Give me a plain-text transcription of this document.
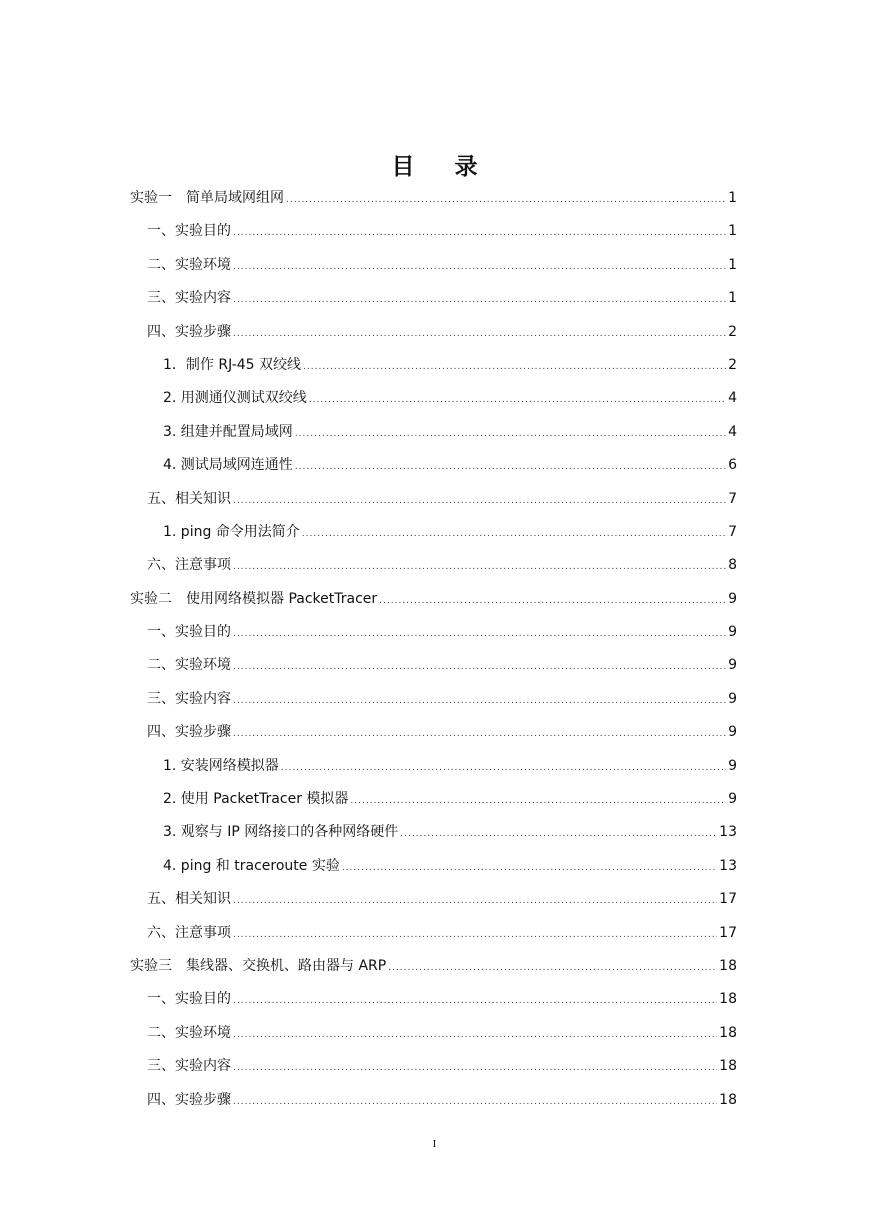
目 录
实验一　简单局域网组网 .....	1
一、实验目的 .....	1
二、实验环境 .....	1
三、实验内容 .....	1
四、实验步骤 .....	2
1．制作 RJ-45 双绞线 .....	2
2. 用测通仪测试双绞线 .....	4
3. 组建并配置局域网 .....	4
4. 测试局域网连通性 .....	6
五、相关知识 .....	7
1. ping 命令用法简介 .....	7
六、注意事项 .....	8
实验二　使用网络模拟器 PacketTracer .....	9
一、实验目的 .....	9
二、实验环境 .....	9
三、实验内容 .....	9
四、实验步骤 .....	9
1. 安装网络模拟器 .....	9
2. 使用 PacketTracer 模拟器 .....	9
3. 观察与 IP 网络接口的各种网络硬件 .....	13
4. ping 和 traceroute 实验 .....	13
五、相关知识 .....	17
六、注意事项 .....	17
实验三　集线器、交换机、路由器与 ARP .....	18
一、实验目的 .....	18
二、实验环境 .....	18
三、实验内容 .....	18
四、实验步骤 .....	18
I
